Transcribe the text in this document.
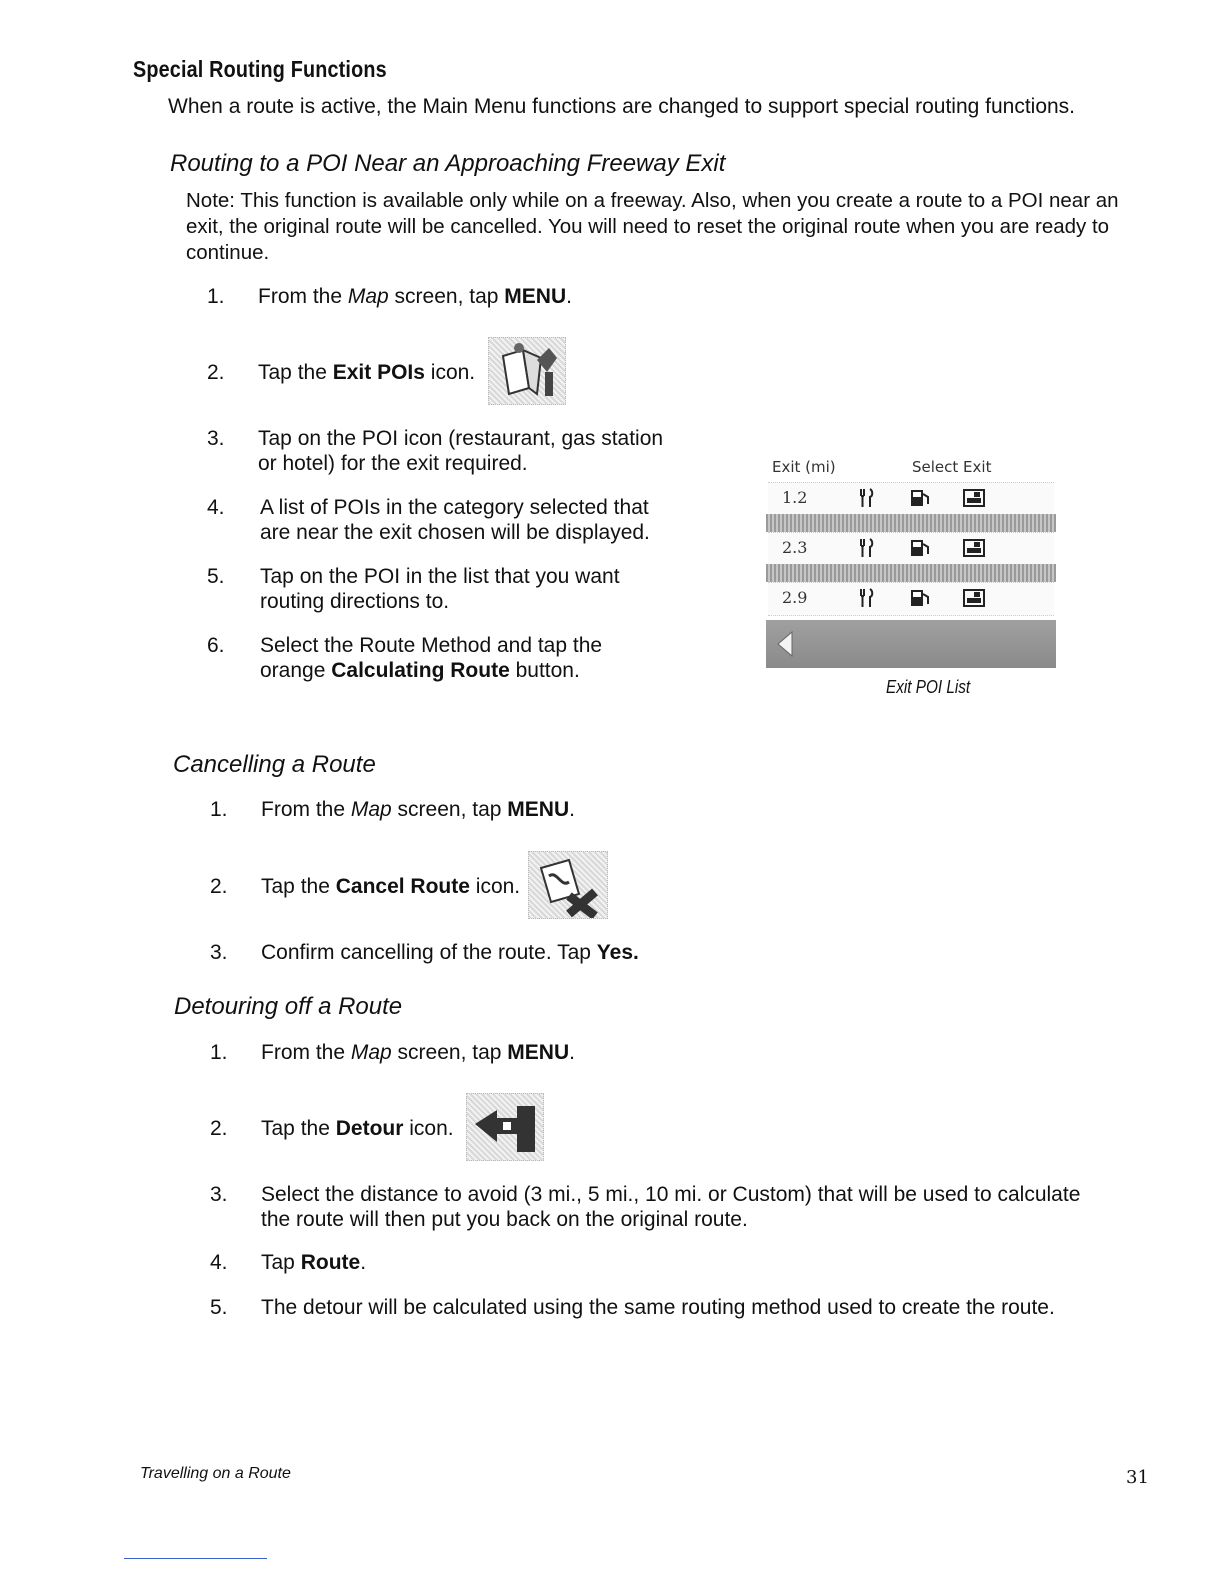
Special Routing Functions
When a route is active, the Main Menu functions are changed to support special routing functions.
Routing to a POI Near an Approaching Freeway Exit
Note: This function is available only while on a freeway. Also, when you create a route to a POI near an exit, the original route will be cancelled. You will need to reset the original route when you are ready to continue.
1. From the Map screen, tap MENU.
2. Tap the Exit POIs icon.
3. Tap on the POI icon (restaurant, gas station
or hotel) for the exit required.
4. A list of POIs in the category selected that
are near the exit chosen will be displayed.
5. Tap on the POI in the list that you want
routing directions to.
6. Select the Route Method and tap the
orange Calculating Route button.
Exit (mi)	Select Exit
1.2
2.3
2.9
Exit POI List
Cancelling a Route
1. From the Map screen, tap MENU.
2. Tap the Cancel Route icon.
3. Confirm cancelling of the route. Tap Yes.
Detouring off a Route
1. From the Map screen, tap MENU.
2. Tap the Detour icon.
3. Select the distance to avoid (3 mi., 5 mi., 10 mi. or Custom) that will be used to calculate
the route will then put you back on the original route.
4. Tap Route.
5. The detour will be calculated using the same routing method used to create the route.
Travelling on a Route	31
